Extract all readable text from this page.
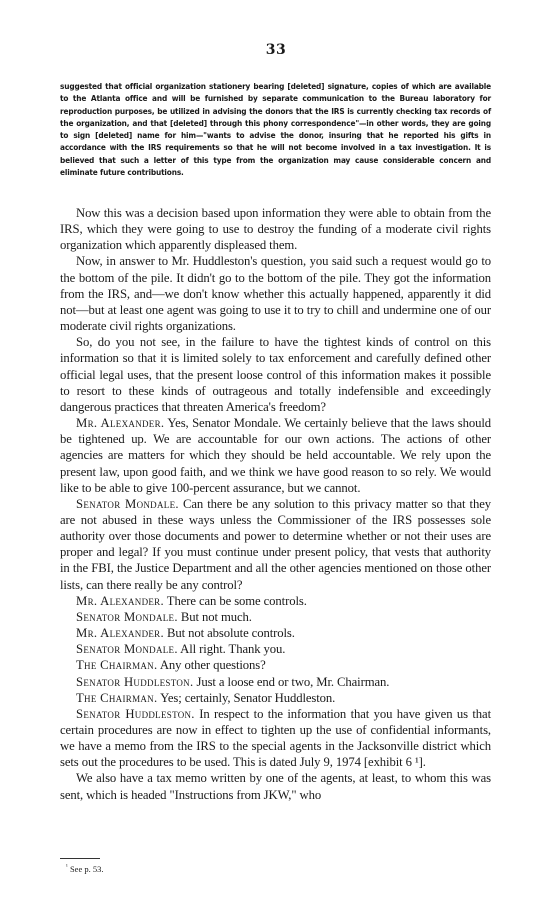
33
suggested that official organization stationery bearing [deleted] signature, copies of which are available to the Atlanta office and will be furnished by separate communication to the Bureau laboratory for reproduction purposes, be utilized in advising the donors that the IRS is currently checking tax records of the organization, and that [deleted] through this phony correspondence"—in other words, they are going to sign [deleted] name for him—"wants to advise the donor, insuring that he reported his gifts in accordance with the IRS requirements so that he will not become involved in a tax investigation. It is believed that such a letter of this type from the organization may cause considerable concern and eliminate future contributions.

Now this was a decision based upon information they were able to obtain from the IRS, which they were going to use to destroy the funding of a moderate civil rights organization which apparently displeased them.

Now, in answer to Mr. Huddleston's question, you said such a request would go to the bottom of the pile. It didn't go to the bottom of the pile. They got the information from the IRS, and—we don't know whether this actually happened, apparently it did not—but at least one agent was going to use it to try to chill and undermine one of our moderate civil rights organizations.

So, do you not see, in the failure to have the tightest kinds of control on this information so that it is limited solely to tax enforcement and carefully defined other official legal uses, that the present loose control of this information makes it possible to resort to these kinds of outrageous and totally indefensible and exceedingly dangerous practices that threaten America's freedom?

Mr. Alexander. Yes, Senator Mondale. We certainly believe that the laws should be tightened up. We are accountable for our own actions. The actions of other agencies are matters for which they should be held accountable. We rely upon the present law, upon good faith, and we think we have good reason to so rely. We would like to be able to give 100-percent assurance, but we cannot.

Senator Mondale. Can there be any solution to this privacy matter so that they are not abused in these ways unless the Commissioner of the IRS possesses sole authority over those documents and power to determine whether or not their uses are proper and legal? If you must continue under present policy, that vests that authority in the FBI, the Justice Department and all the other agencies mentioned on those other lists, can there really be any control?

Mr. Alexander. There can be some controls.

Senator Mondale. But not much.

Mr. Alexander. But not absolute controls.

Senator Mondale. All right. Thank you.

The Chairman. Any other questions?

Senator Huddleston. Just a loose end or two, Mr. Chairman.

The Chairman. Yes; certainly, Senator Huddleston.

Senator Huddleston. In respect to the information that you have given us that certain procedures are now in effect to tighten up the use of confidential informants, we have a memo from the IRS to the special agents in the Jacksonville district which sets out the procedures to be used. This is dated July 9, 1974 [exhibit 6 ¹].

We also have a tax memo written by one of the agents, at least, to whom this was sent, which is headed "Instructions from JKW," who

$^{^1}$ See p. 53.
